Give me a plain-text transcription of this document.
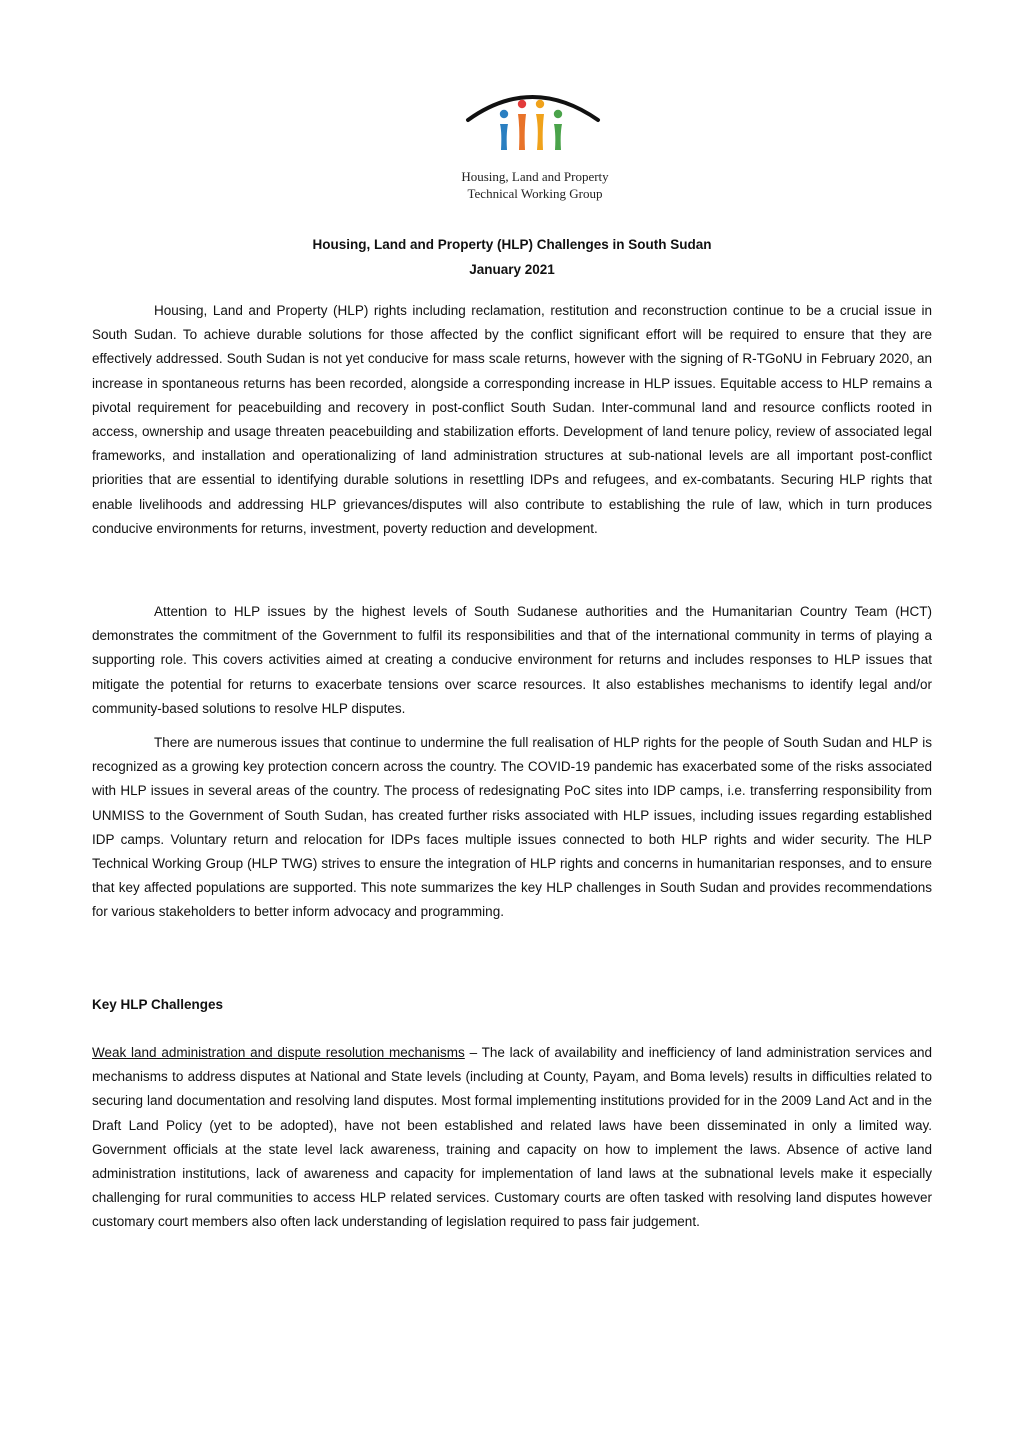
Housing, Land and Property
Technical Working Group
Housing, Land and Property (HLP) Challenges in South Sudan
January 2021

Housing, Land and Property (HLP) rights including reclamation, restitution and reconstruction continue to be a crucial issue in South Sudan. To achieve durable solutions for those affected by the conflict significant effort will be required to ensure that they are effectively addressed. South Sudan is not yet conducive for mass scale returns, however with the signing of R-TGoNU in February 2020, an increase in spontaneous returns has been recorded, alongside a corresponding increase in HLP issues. Equitable access to HLP remains a pivotal requirement for peacebuilding and recovery in post-conflict South Sudan. Inter-communal land and resource conflicts rooted in access, ownership and usage threaten peacebuilding and stabilization efforts. Development of land tenure policy, review of associated legal frameworks, and installation and operationalizing of land administration structures at sub-national levels are all important post-conflict priorities that are essential to identifying durable solutions in resettling IDPs and refugees, and ex-combatants. Securing HLP rights that enable livelihoods and addressing HLP grievances/disputes will also contribute to establishing the rule of law, which in turn produces conducive environments for returns, investment, poverty reduction and development.

Attention to HLP issues by the highest levels of South Sudanese authorities and the Humanitarian Country Team (HCT) demonstrates the commitment of the Government to fulfil its responsibilities and that of the international community in terms of playing a supporting role. This covers activities aimed at creating a conducive environment for returns and includes responses to HLP issues that mitigate the potential for returns to exacerbate tensions over scarce resources. It also establishes mechanisms to identify legal and/or community-based solutions to resolve HLP disputes.

There are numerous issues that continue to undermine the full realisation of HLP rights for the people of South Sudan and HLP is recognized as a growing key protection concern across the country. The COVID-19 pandemic has exacerbated some of the risks associated with HLP issues in several areas of the country. The process of redesignating PoC sites into IDP camps, i.e. transferring responsibility from UNMISS to the Government of South Sudan, has created further risks associated with HLP issues, including issues regarding established IDP camps. Voluntary return and relocation for IDPs faces multiple issues connected to both HLP rights and wider security. The HLP Technical Working Group (HLP TWG) strives to ensure the integration of HLP rights and concerns in humanitarian responses, and to ensure that key affected populations are supported. This note summarizes the key HLP challenges in South Sudan and provides recommendations for various stakeholders to better inform advocacy and programming.

Key HLP Challenges

Weak land administration and dispute resolution mechanisms – The lack of availability and inefficiency of land administration services and mechanisms to address disputes at National and State levels (including at County, Payam, and Boma levels) results in difficulties related to securing land documentation and resolving land disputes. Most formal implementing institutions provided for in the 2009 Land Act and in the Draft Land Policy (yet to be adopted), have not been established and related laws have been disseminated in only a limited way. Government officials at the state level lack awareness, training and capacity on how to implement the laws. Absence of active land administration institutions, lack of awareness and capacity for implementation of land laws at the subnational levels make it especially challenging for rural communities to access HLP related services. Customary courts are often tasked with resolving land disputes however customary court members also often lack understanding of legislation required to pass fair judgement.
